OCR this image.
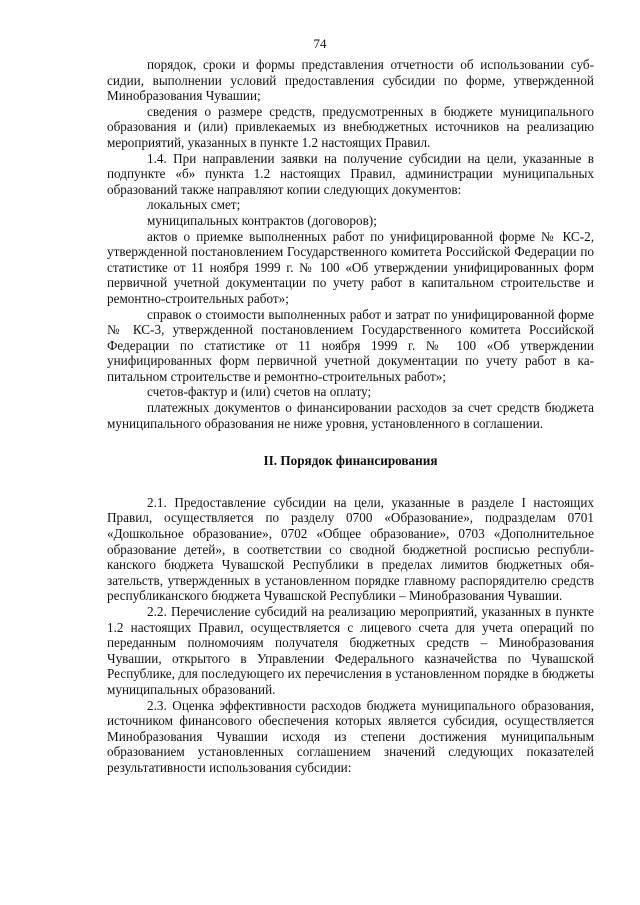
74

порядок, сроки и формы представления отчетности об использовании субсидии, выполнении условий предоставления субсидии по форме, утвержденной Минобразования Чувашии;

сведения о размере средств, предусмотренных в бюджете муниципального образования и (или) привлекаемых из внебюджетных источников на реализацию мероприятий, указанных в пункте 1.2 настоящих Правил.

1.4. При направлении заявки на получение субсидии на цели, указанные в подпункте «б» пункта 1.2 настоящих Правил, администрации муниципальных образований также направляют копии следующих документов:

локальных смет;

муниципальных контрактов (договоров);

актов о приемке выполненных работ по унифицированной форме № КС-2, утвержденной постановлением Государственного комитета Российской Федерации по статистике от 11 ноября 1999 г. № 100 «Об утверждении унифицированных форм первичной учетной документации по учету работ в капитальном строительстве и ремонтно-строительных работ»;

справок о стоимости выполненных работ и затрат по унифицированной форме № КС-3, утвержденной постановлением Государственного комитета Российской Федерации по статистике от 11 ноября 1999 г. № 100 «Об утверждении унифицированных форм первичной учетной документации по учету работ в капитальном строительстве и ремонтно-строительных работ»;

счетов-фактур и (или) счетов на оплату;

платежных документов о финансировании расходов за счет средств бюджета муниципального образования не ниже уровня, установленного в соглашении.

II. Порядок финансирования

2.1. Предоставление субсидии на цели, указанные в разделе I настоящих Правил, осуществляется по разделу 0700 «Образование», подразделам 0701 «Дошкольное образование», 0702 «Общее образование», 0703 «Дополнительное образование детей», в соответствии со сводной бюджетной росписью республиканского бюджета Чувашской Республики в пределах лимитов бюджетных обязательств, утвержденных в установленном порядке главному распорядителю средств республиканского бюджета Чувашской Республики – Минобразования Чувашии.

2.2. Перечисление субсидий на реализацию мероприятий, указанных в пункте 1.2 настоящих Правил, осуществляется с лицевого счета для учета операций по переданным полномочиям получателя бюджетных средств – Минобразования Чувашии, открытого в Управлении Федерального казначейства по Чувашской Республике, для последующего их перечисления в установленном порядке в бюджеты муниципальных образований.

2.3. Оценка эффективности расходов бюджета муниципального образования, источником финансового обеспечения которых является субсидия, осуществляется Минобразования Чувашии исходя из степени достижения муниципальным образованием установленных соглашением значений следующих показателей результативности использования субсидии:
